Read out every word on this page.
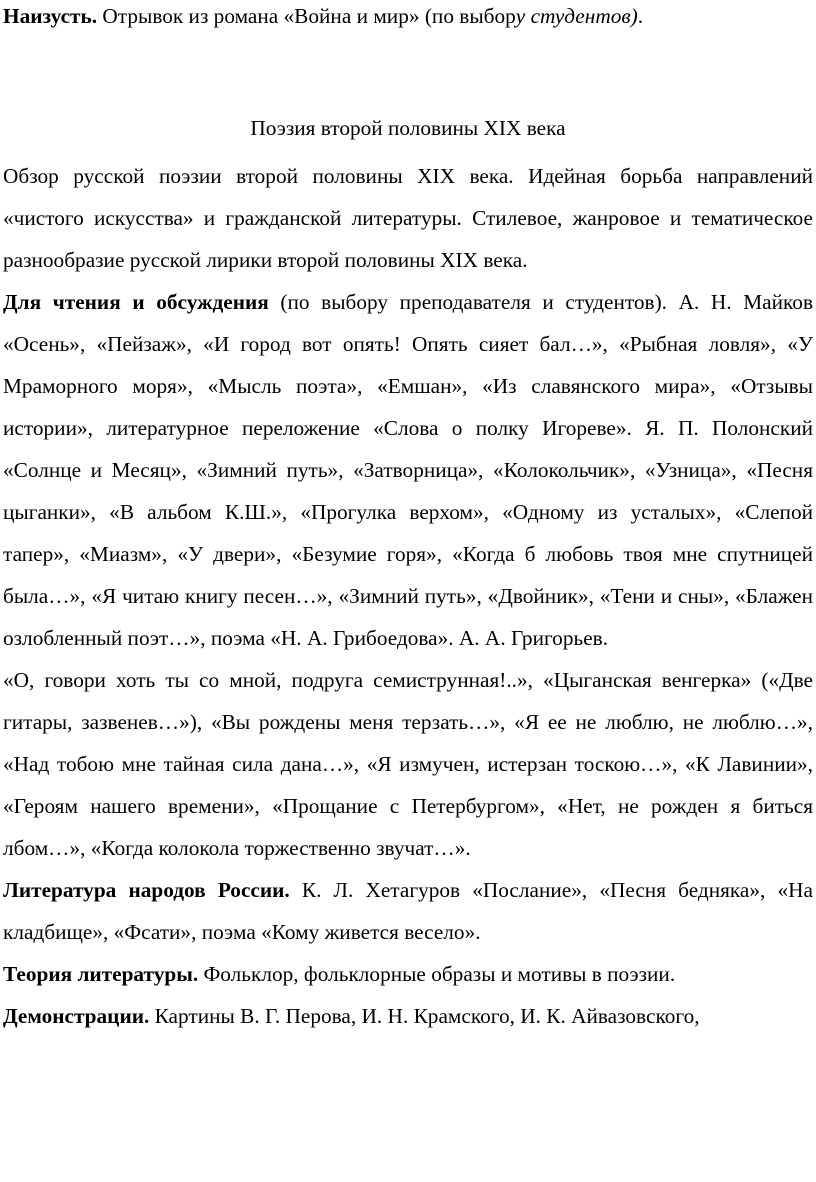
Наизусть. Отрывок из романа «Война и мир» (по выбору студентов).

Поэзия второй половины XIX века

Обзор русской поэзии второй половины XIX века. Идейная борьба направлений «чистого искусства» и гражданской литературы. Стилевое, жанровое и тематическое разнообразие русской лирики второй половины XIX века.

Для чтения и обсуждения (по выбору преподавателя и студентов). А. Н. Майков «Осень», «Пейзаж», «И город вот опять! Опять сияет бал…», «Рыбная ловля», «У Мраморного моря», «Мысль поэта», «Емшан», «Из славянского мира», «Отзывы истории», литературное переложение «Слова о полку Игореве». Я. П. Полонский «Солнце и Месяц», «Зимний путь», «Затворница», «Колокольчик», «Узница», «Песня цыганки», «В альбом К.Ш.», «Прогулка верхом», «Одному из усталых», «Слепой тапер», «Миазм», «У двери», «Безумие горя», «Когда б любовь твоя мне спутницей была…», «Я читаю книгу песен…», «Зимний путь», «Двойник», «Тени и сны», «Блажен озлобленный поэт…», поэма «Н. А. Грибоедова». А. А. Григорьев.

«О, говори хоть ты со мной, подруга семиструнная!..», «Цыганская венгерка» («Две гитары, зазвенев…»), «Вы рождены меня терзать…», «Я ее не люблю, не люблю…», «Над тобою мне тайная сила дана…», «Я измучен, истерзан тоскою…», «К Лавинии», «Героям нашего времени», «Прощание с Петербургом», «Нет, не рожден я биться лбом…», «Когда колокола торжественно звучат…».

Литература народов России. К. Л. Хетагуров «Послание», «Песня бедняка», «На кладбище», «Фсати», поэма «Кому живется весело».

Теория литературы. Фольклор, фольклорные образы и мотивы в поэзии.

Демонстрации. Картины В. Г. Перова, И. Н. Крамского, И. К. Айвазовского,
